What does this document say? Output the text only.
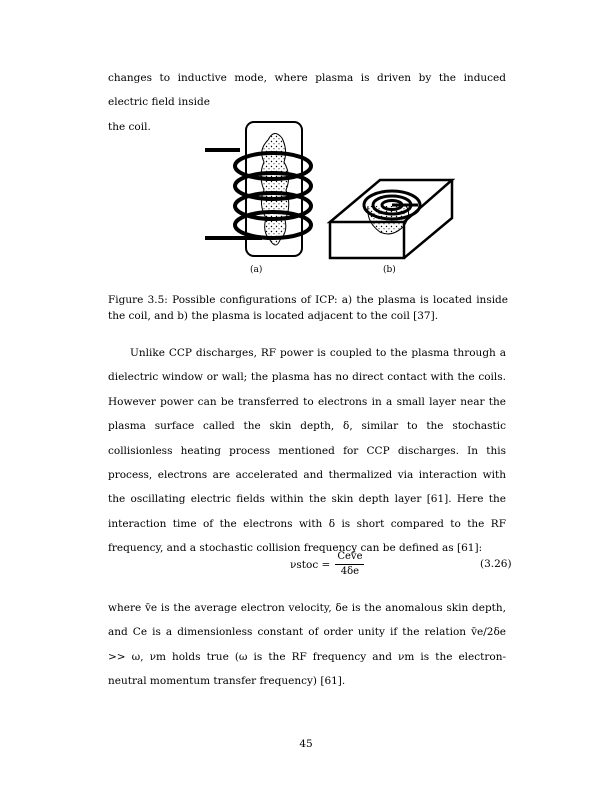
changes to inductive mode, where plasma is driven by the induced electric field inside

the coil.

(a)	(b)
Figure 3.5: Possible configurations of ICP: a) the plasma is located inside the coil, and b) the plasma is located adjacent to the coil [37].
Unlike CCP discharges, RF power is coupled to the plasma through a dielectric window or wall; the plasma has no direct contact with the coils. However power can be transferred to electrons in a small layer near the plasma surface called the skin depth, δ, similar to the stochastic collisionless heating process mentioned for CCP discharges. In this process, electrons are accelerated and thermalized via interaction with the oscillating electric fields within the skin depth layer [61]. Here the interaction time of the electrons with δ is short compared to the RF frequency, and a stochastic collision frequency can be defined as [61]:
νstoc = $\frac{\text{Cev̄e}}{4\delta e}$	(3.26)
where v̄e is the average electron velocity, δe is the anomalous skin depth, and Ce is a dimensionless constant of order unity if the relation v̄e/2δe >> ω, νm holds true (ω is the RF frequency and νm is the electron-neutral momentum transfer frequency) [61].
45
